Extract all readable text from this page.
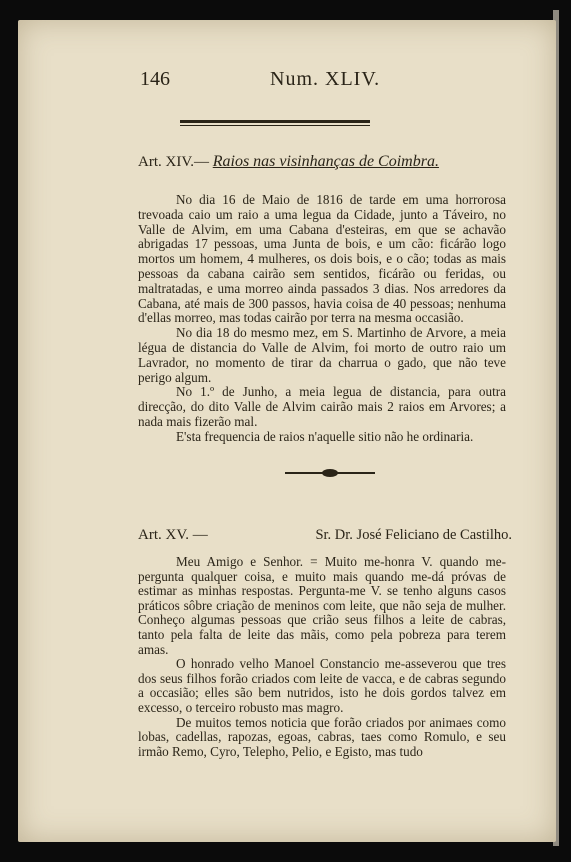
146	Num. XLIV.
Art. XIV.— Raios nas visinhanças de Coimbra.

No dia 16 de Maio de 1816 de tarde em uma horrorosa trevoada caio um raio a uma legua da Cidade, junto a Táveiro, no Valle de Alvim, em uma Cabana d'esteiras, em que se achavão abrigadas 17 pessoas, uma Junta de bois, e um cão: ficárão logo mortos um homem, 4 mulheres, os dois bois, e o cão; todas as mais pessoas da cabana cairão sem sentidos, ficárão ou feridas, ou maltratadas, e uma morreo ainda passados 3 dias. Nos arredores da Cabana, até mais de 300 passos, havia coisa de 40 pessoas; nenhuma d'ellas morreo, mas todas cairão por terra na mesma occasião.

No dia 18 do mesmo mez, em S. Martinho de Arvore, a meia légua de distancia do Valle de Alvim, foi morto de outro raio um Lavrador, no momento de tirar da charrua o gado, que não teve perigo algum.

No 1.º de Junho, a meia legua de distancia, para outra direcção, do dito Valle de Alvim cairão mais 2 raios em Arvores; a nada mais fizerão mal.

E'sta frequencia de raios n'aquelle sitio não he ordinaria.

Art. XV. —	Sr. Dr. José Feliciano de Castilho.

Meu Amigo e Senhor. = Muito me-honra V. quando me-pergunta qualquer coisa, e muito mais quando me-dá próvas de estimar as minhas respostas. Pergunta-me V. se tenho alguns casos práticos sôbre criação de meninos com leite, que não seja de mulher. Conheço algumas pessoas que crião seus filhos a leite de cabras, tanto pela falta de leite das mãis, como pela pobreza para terem amas.

O honrado velho Manoel Constancio me-asseverou que tres dos seus filhos forão criados com leite de vacca, e de cabras segundo a occasião; elles são bem nutridos, isto he dois gordos talvez em excesso, o terceiro robusto mas magro.

De muitos temos noticia que forão criados por animaes como lobas, cadellas, rapozas, egoas, cabras, taes como Romulo, e seu irmão Remo, Cyro, Telepho, Pelio, e Egisto, mas tudo
